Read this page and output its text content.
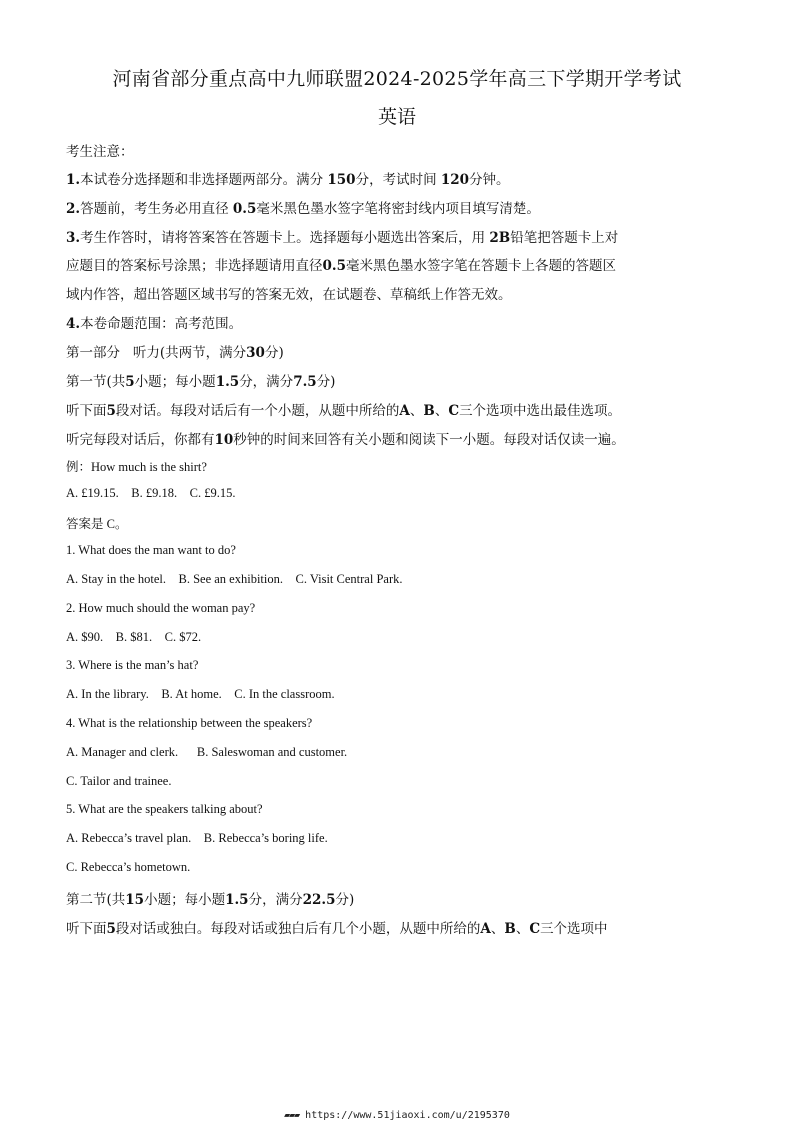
河南省部分重点高中九师联盟2024-2025学年高三下学期开学考试
英语
考生注意：
1.本试卷分选择题和非选择题两部分。满分 150分，考试时间 120分钟。
2.答题前，考生务必用直径 0.5毫米黑色墨水签字笔将密封线内项目填写清楚。
3.考生作答时，请将答案答在答题卡上。选择题每小题选出答案后，用 2B铅笔把答题卡上对
应题目的答案标号涂黑；非选择题请用直径0.5毫米黑色墨水签字笔在答题卡上各题的答题区
域内作答，超出答题区域书写的答案无效，在试题卷、草稿纸上作答无效。
4.本卷命题范围：高考范围。
第一部分 听力(共两节，满分30分)
第一节(共5小题；每小题1.5分，满分7.5分)
听下面5段对话。每段对话后有一个小题，从题中所给的A、B、C三个选项中选出最佳选项。
听完每段对话后，你都有10秒钟的时间来回答有关小题和阅读下一小题。每段对话仅读一遍。
例：How much is the shirt?
A. £19.15.    B. £9.18.    C. £9.15.
答案是 C。
1. What does the man want to do?
A. Stay in the hotel.    B. See an exhibition.    C. Visit Central Park.
2. How much should the woman pay?
A. $90.    B. $81.    C. $72.
3. Where is the man’s hat?
A. In the library.    B. At home.    C. In the classroom.
4. What is the relationship between the speakers?
A. Manager and clerk.      B. Saleswoman and customer.
C. Tailor and trainee.
5. What are the speakers talking about?
A. Rebecca’s travel plan.    B. Rebecca’s boring life.
C. Rebecca’s hometown.
第二节(共15小题；每小题1.5分，满分22.5分)
听下面5段对话或独白。每段对话或独白后有几个小题，从题中所给的A、B、C三个选项中
▰▰▰ https://www.51jiaoxi.com/u/2195370
